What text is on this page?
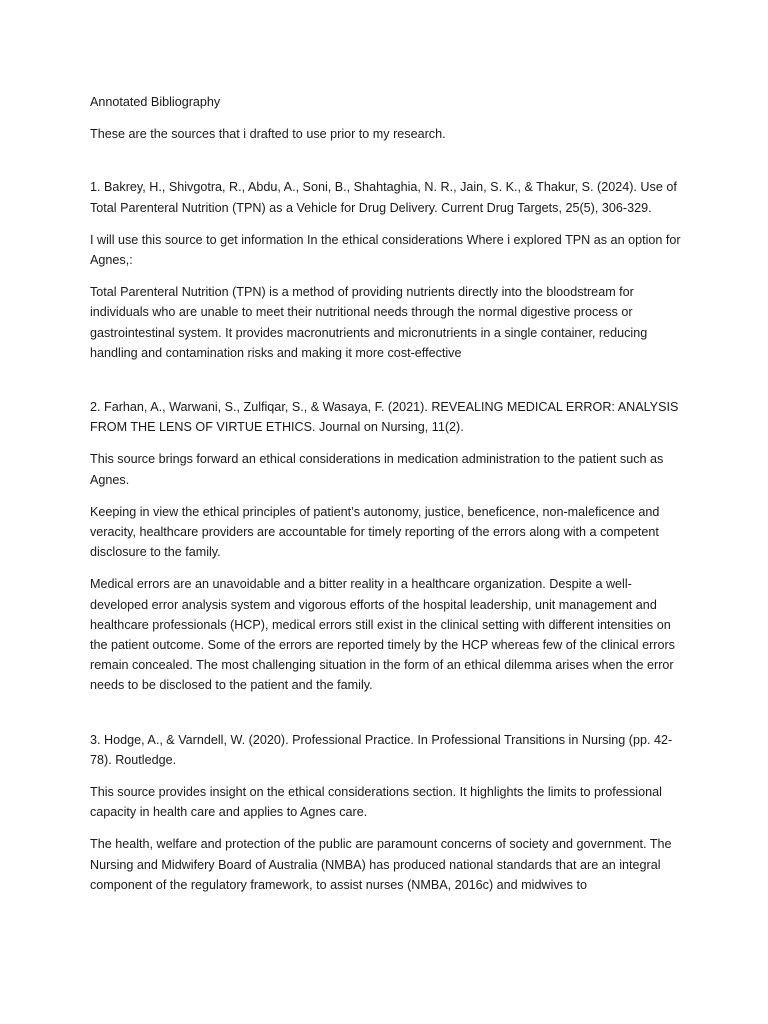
Annotated Bibliography

These are the sources that i drafted to use prior to my research.

1. Bakrey, H., Shivgotra, R., Abdu, A., Soni, B., Shahtaghia, N. R., Jain, S. K., & Thakur, S. (2024). Use of Total Parenteral Nutrition (TPN) as a Vehicle for Drug Delivery. Current Drug Targets, 25(5), 306-329.

I will use this source to get information In the ethical considerations Where i explored TPN as an option for Agnes,:

Total Parenteral Nutrition (TPN) is a method of providing nutrients directly into the bloodstream for individuals who are unable to meet their nutritional needs through the normal digestive process or gastrointestinal system. It provides macronutrients and micronutrients in a single container, reducing handling and contamination risks and making it more cost-effective

2. Farhan, A., Warwani, S., Zulfiqar, S., & Wasaya, F. (2021). REVEALING MEDICAL ERROR: ANALYSIS FROM THE LENS OF VIRTUE ETHICS. Journal on Nursing, 11(2).

This source brings forward an ethical considerations in medication administration to the patient such as Agnes.

Keeping in view the ethical principles of patient’s autonomy, justice, beneficence, non-maleficence and veracity, healthcare providers are accountable for timely reporting of the errors along with a competent disclosure to the family.

Medical errors are an unavoidable and a bitter reality in a healthcare organization. Despite a well-developed error analysis system and vigorous efforts of the hospital leadership, unit management and healthcare professionals (HCP), medical errors still exist in the clinical setting with different intensities on the patient outcome. Some of the errors are reported timely by the HCP whereas few of the clinical errors remain concealed. The most challenging situation in the form of an ethical dilemma arises when the error needs to be disclosed to the patient and the family.

3. Hodge, A., & Varndell, W. (2020). Professional Practice. In Professional Transitions in Nursing (pp. 42-78). Routledge.

This source provides insight on the ethical considerations section. It highlights the limits to professional capacity in health care and applies to Agnes care.

The health, welfare and protection of the public are paramount concerns of society and government. The Nursing and Midwifery Board of Australia (NMBA) has produced national standards that are an integral component of the regulatory framework, to assist nurses (NMBA, 2016c) and midwives to
